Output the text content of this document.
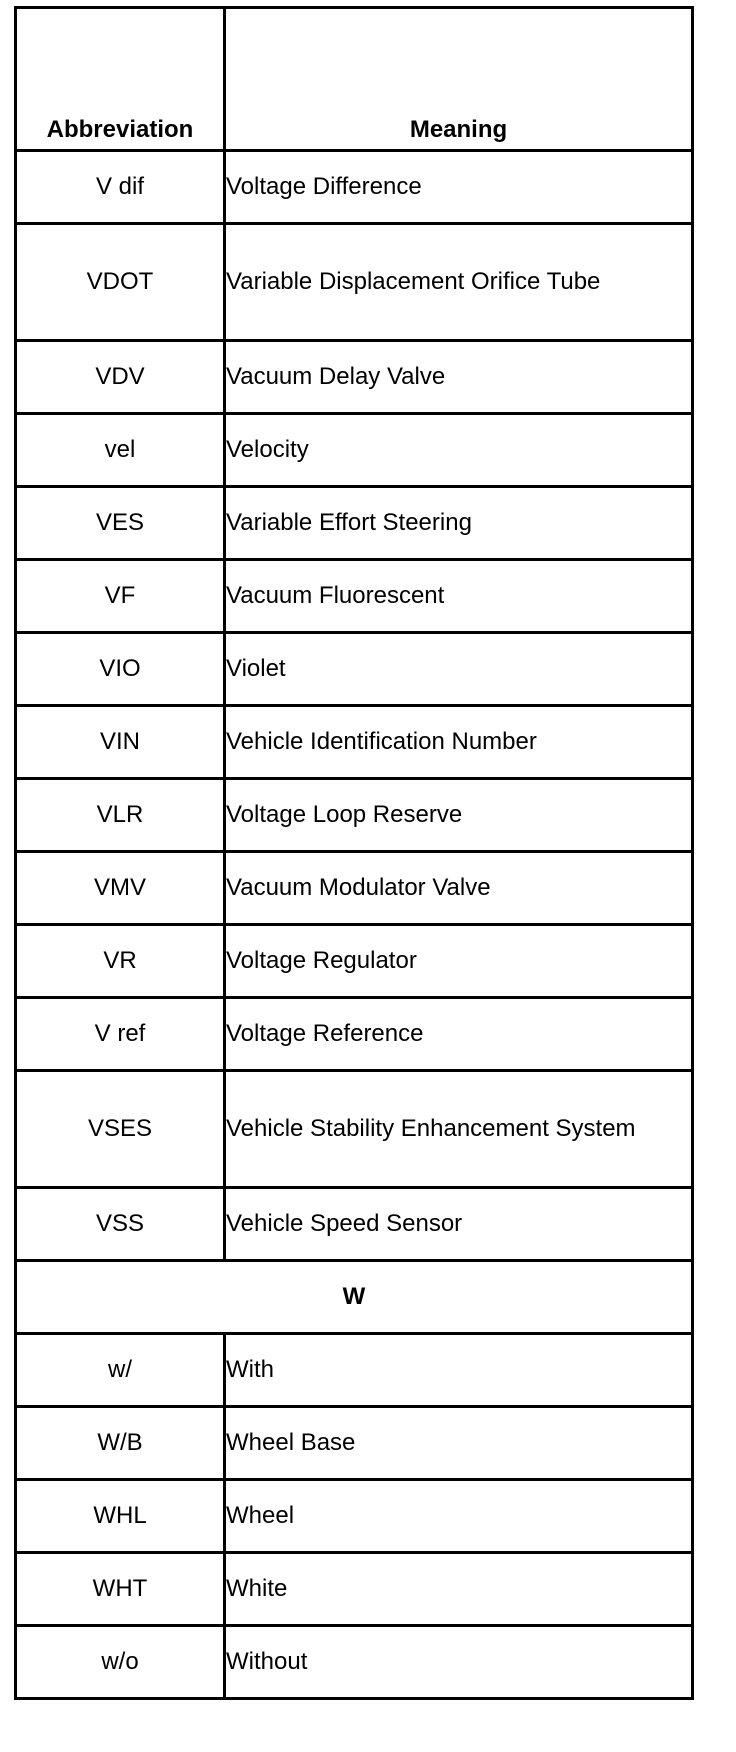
Abbreviation	Meaning
V dif	Voltage Difference
VDOT	Variable Displacement Orifice Tube
VDV	Vacuum Delay Valve
vel	Velocity
VES	Variable Effort Steering
VF	Vacuum Fluorescent
VIO	Violet
VIN	Vehicle Identification Number
VLR	Voltage Loop Reserve
VMV	Vacuum Modulator Valve
VR	Voltage Regulator
V ref	Voltage Reference
VSES	Vehicle Stability Enhancement System
VSS	Vehicle Speed Sensor
W	
w/	With
W/B	Wheel Base
WHL	Wheel
WHT	White
w/o	Without
